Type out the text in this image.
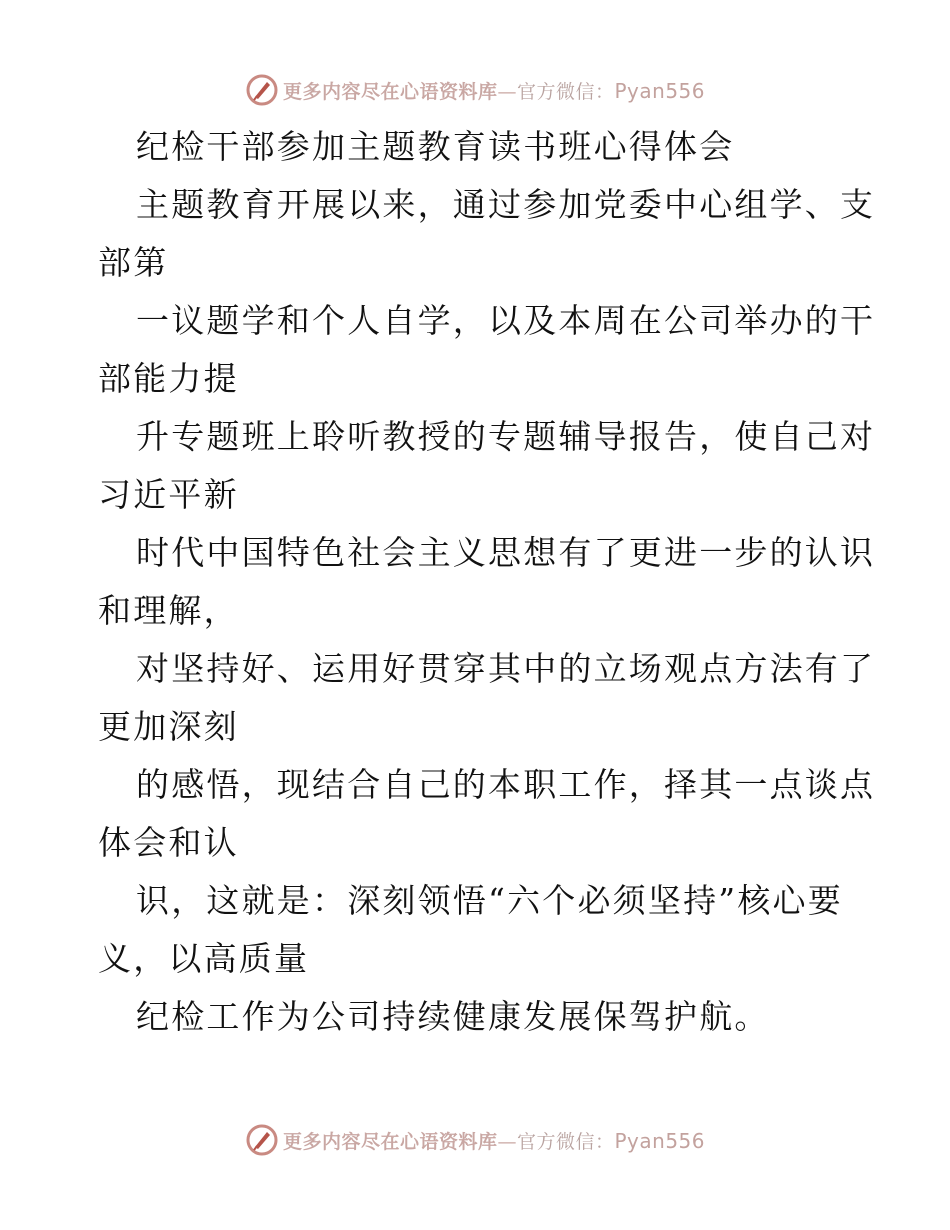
更多内容尽在心语资料库—官方微信：Pyan556
纪检干部参加主题教育读书班心得体会
主题教育开展以来，通过参加党委中心组学、支
部第
一议题学和个人自学，以及本周在公司举办的干
部能力提
升专题班上聆听教授的专题辅导报告，使自己对
习近平新
时代中国特色社会主义思想有了更进一步的认识
和理解，
对坚持好、运用好贯穿其中的立场观点方法有了
更加深刻
的感悟，现结合自己的本职工作，择其一点谈点
体会和认
识，这就是：深刻领悟“六个必须坚持”核心要
义，以高质量
纪检工作为公司持续健康发展保驾护航。
更多内容尽在心语资料库—官方微信：Pyan556
